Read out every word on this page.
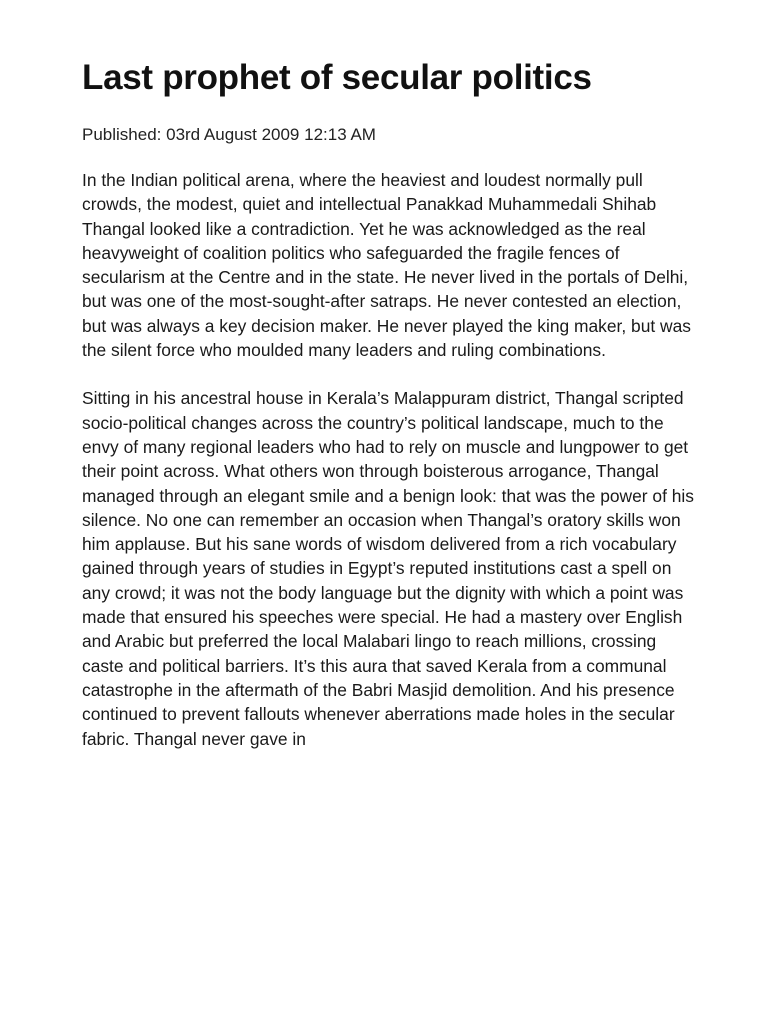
Last prophet of secular politics

Published: 03rd August 2009 12:13 AM

In the Indian political arena, where the heaviest and loudest normally pull crowds, the modest, quiet and intellectual Panakkad Muhammedali Shihab Thangal looked like a contradiction. Yet he was acknowledged as the real heavyweight of coalition politics who safeguarded the fragile fences of secularism at the Centre and in the state. He never lived in the portals of Delhi, but was one of the most-sought-after satraps. He never contested an election, but was always a key decision maker. He never played the king maker, but was the silent force who moulded many leaders and ruling combinations.

Sitting in his ancestral house in Kerala’s Malappuram district, Thangal scripted socio-political changes across the country’s political landscape, much to the envy of many regional leaders who had to rely on muscle and lungpower to get their point across. What others won through boisterous arrogance, Thangal managed through an elegant smile and a benign look: that was the power of his silence. No one can remember an occasion when Thangal’s oratory skills won him applause. But his sane words of wisdom delivered from a rich vocabulary gained through years of studies in Egypt’s reputed institutions cast a spell on any crowd; it was not the body language but the dignity with which a point was made that ensured his speeches were special. He had a mastery over English and Arabic but preferred the local Malabari lingo to reach millions, crossing caste and political barriers. It’s this aura that saved Kerala from a communal catastrophe in the aftermath of the Babri Masjid demolition. And his presence continued to prevent fallouts whenever aberrations made holes in the secular fabric. Thangal never gave in
